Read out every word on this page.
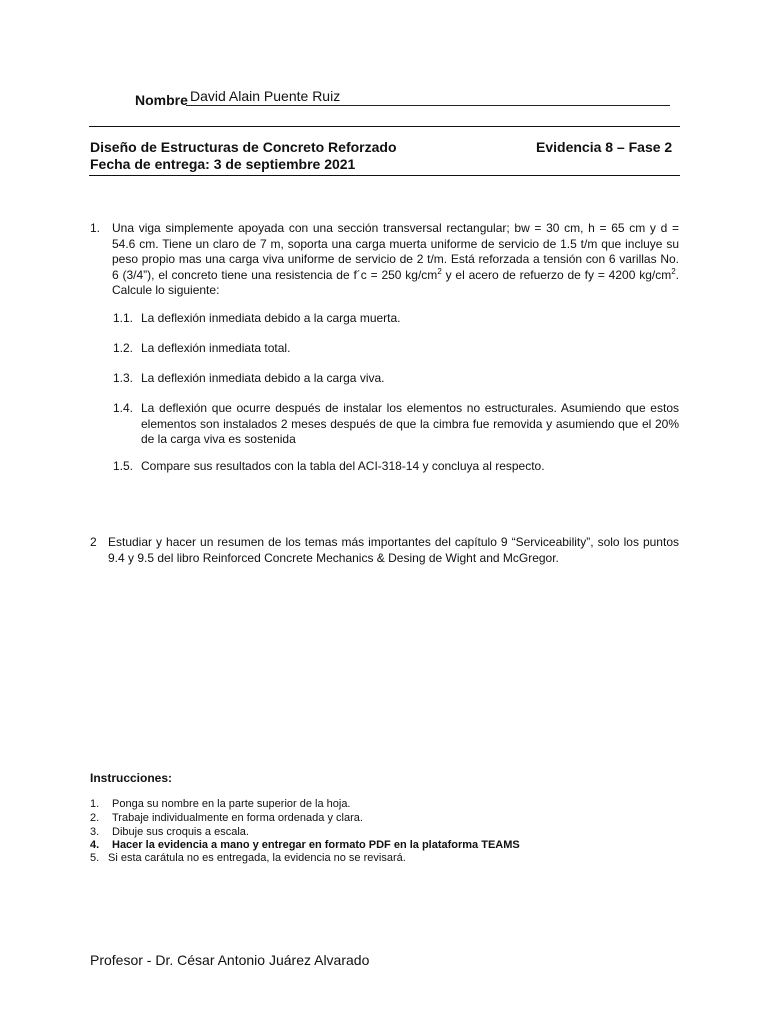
Nombre David Alain Puente Ruiz
Diseño de Estructuras de Concreto Reforzado	Evidencia 8 – Fase 2
Fecha de entrega: 3 de septiembre 2021
1. Una viga simplemente apoyada con una sección transversal rectangular; bw = 30 cm, h = 65 cm y d = 54.6 cm. Tiene un claro de 7 m, soporta una carga muerta uniforme de servicio de 1.5 t/m que incluye su peso propio mas una carga viva uniforme de servicio de 2 t/m. Está reforzada a tensión con 6 varillas No. 6 (3/4”), el concreto tiene una resistencia de f´c = 250 $kg/cm^2$ y el acero de refuerzo de fy = 4200 $kg/cm^2$. Calcule lo siguiente:
1.1. La deflexión inmediata debido a la carga muerta.
1.2. La deflexión inmediata total.
1.3. La deflexión inmediata debido a la carga viva.
1.4. La deflexión que ocurre después de instalar los elementos no estructurales. Asumiendo que estos elementos son instalados 2 meses después de que la cimbra fue removida y asumiendo que el 20% de la carga viva es sostenida
1.5. Compare sus resultados con la tabla del ACI-318-14 y concluya al respecto.
2 Estudiar y hacer un resumen de los temas más importantes del capítulo 9 “Serviceability”, solo los puntos 9.4 y 9.5 del libro Reinforced Concrete Mechanics & Desing de Wight and McGregor.
Instrucciones:
1. Ponga su nombre en la parte superior de la hoja.
2. Trabaje individualmente en forma ordenada y clara.
3. Dibuje sus croquis a escala.
4. Hacer la evidencia a mano y entregar en formato PDF en la plataforma TEAMS
5. Si esta carátula no es entregada, la evidencia no se revisará.
Profesor - Dr. César Antonio Juárez Alvarado
